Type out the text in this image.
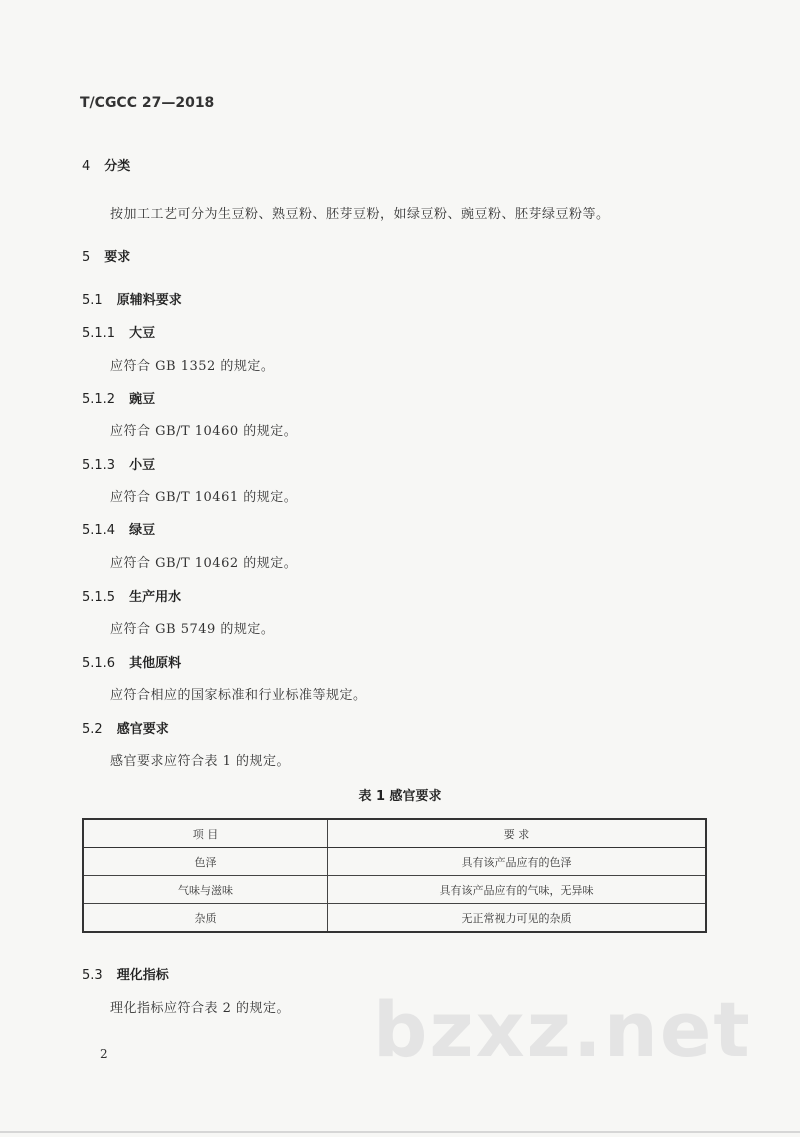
T/CGCC 27—2018
4 分类
按加工工艺可分为生豆粉、熟豆粉、胚芽豆粉，如绿豆粉、豌豆粉、胚芽绿豆粉等。
5 要求
5.1 原辅料要求
5.1.1 大豆
应符合 GB 1352 的规定。
5.1.2 豌豆
应符合 GB/T 10460 的规定。
5.1.3 小豆
应符合 GB/T 10461 的规定。
5.1.4 绿豆
应符合 GB/T 10462 的规定。
5.1.5 生产用水
应符合 GB 5749 的规定。
5.1.6 其他原料
应符合相应的国家标准和行业标准等规定。
5.2 感官要求
感官要求应符合表 1 的规定。
表 1 感官要求
项 目	要 求
色泽	具有该产品应有的色泽
气味与滋味	具有该产品应有的气味，无异味
杂质	无正常视力可见的杂质
5.3 理化指标
理化指标应符合表 2 的规定。 bzxz.net
2
